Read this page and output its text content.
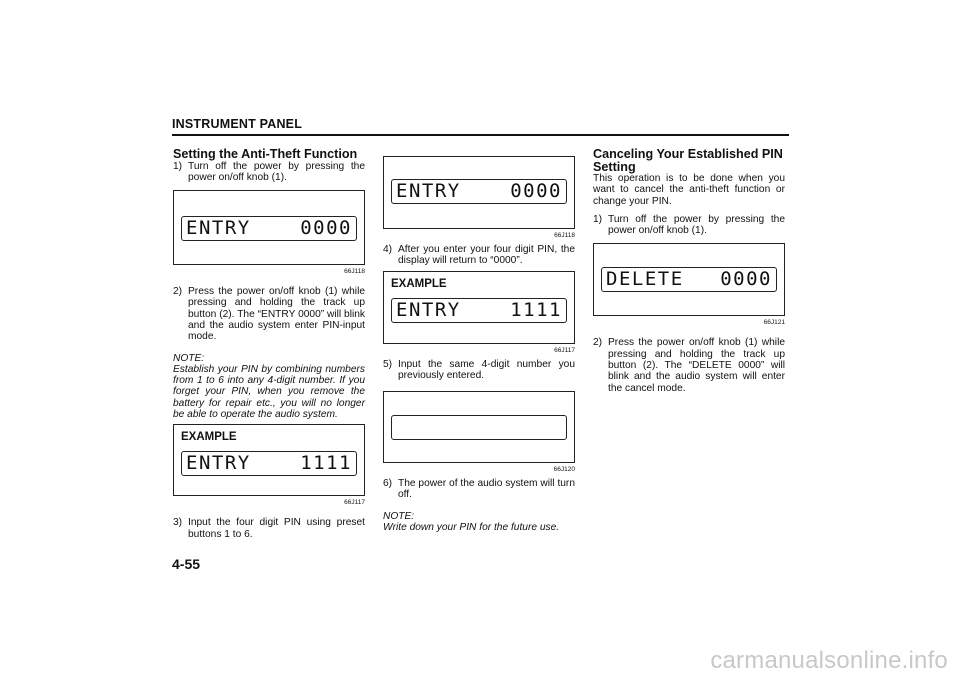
INSTRUMENT PANEL
Setting the Anti-Theft Function
1) Turn off the power by pressing the power on/off knob (1).
ENTRY	0000
66J118
2) Press the power on/off knob (1) while pressing and holding the track up button (2). The “ENTRY 0000” will blink and the audio system enter PIN-input mode.

NOTE:

Establish your PIN by combining numbers from 1 to 6 into any 4-digit number. If you forget your PIN, when you remove the battery for repair etc., you will no longer be able to operate the audio system.

EXAMPLE
ENTRY	1111
66J117
3) Input the four digit PIN using preset buttons 1 to 6.
ENTRY	0000
66J118
4) After you enter your four digit PIN, the display will return to “0000”.
EXAMPLE
ENTRY	1111
66J117
5) Input the same 4-digit number you previously entered.
66J120
6) The power of the audio system will turn off.

NOTE:

Write down your PIN for the future use.

Canceling Your Established PIN Setting

This operation is to be done when you want to cancel the anti-theft function or change your PIN.

1) Turn off the power by pressing the power on/off knob (1).
DELETE 0000
66J121
2) Press the power on/off knob (1) while pressing and holding the track up button (2). The “DELETE 0000” will blink and the audio system will enter the cancel mode.
4-55
carmanualsonline.info
